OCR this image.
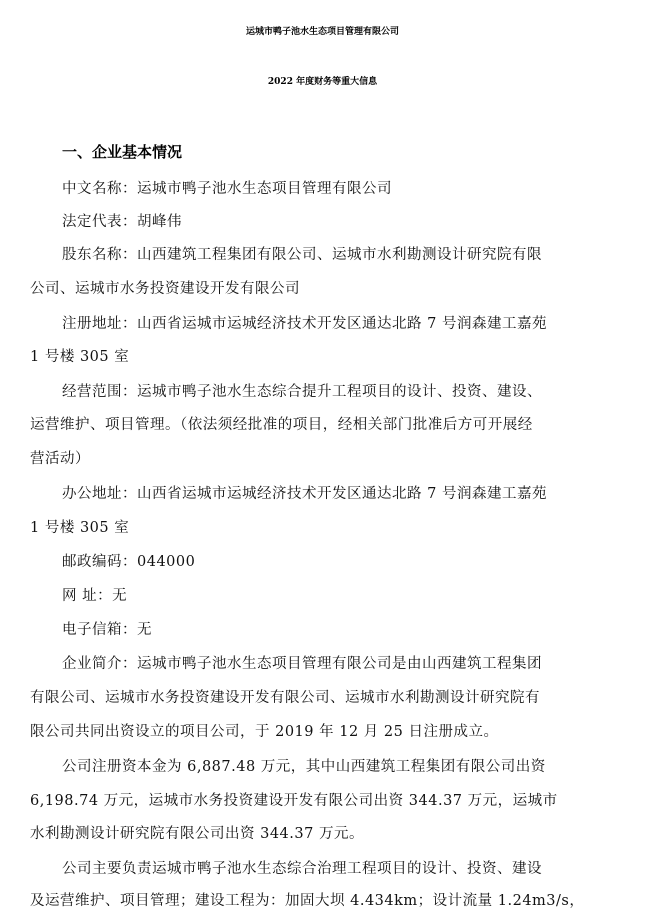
运城市鸭子池水生态项目管理有限公司
2022 年度财务等重大信息
一、企业基本情况
中文名称：运城市鸭子池水生态项目管理有限公司
法定代表：胡峰伟
股东名称：山西建筑工程集团有限公司、运城市水利勘测设计研究院有限
公司、运城市水务投资建设开发有限公司
注册地址：山西省运城市运城经济技术开发区通达北路 7 号润森建工嘉苑
1 号楼 305 室
经营范围：运城市鸭子池水生态综合提升工程项目的设计、投资、建设、
运营维护、项目管理。（依法须经批准的项目，经相关部门批准后方可开展经
营活动）
办公地址：山西省运城市运城经济技术开发区通达北路 7 号润森建工嘉苑
1 号楼 305 室
邮政编码：044000
网 址：无
电子信箱：无
企业简介：运城市鸭子池水生态项目管理有限公司是由山西建筑工程集团
有限公司、运城市水务投资建设开发有限公司、运城市水利勘测设计研究院有
限公司共同出资设立的项目公司，于 2019 年 12 月 25 日注册成立。
公司注册资本金为 6,887.48 万元，其中山西建筑工程集团有限公司出资
6,198.74 万元，运城市水务投资建设开发有限公司出资 344.37 万元，运城市
水利勘测设计研究院有限公司出资 344.37 万元。
公司主要负责运城市鸭子池水生态综合治理工程项目的设计、投资、建设
及运营维护、项目管理；建设工程为：加固大坝 4.434km；设计流量 1.24m3/s，
